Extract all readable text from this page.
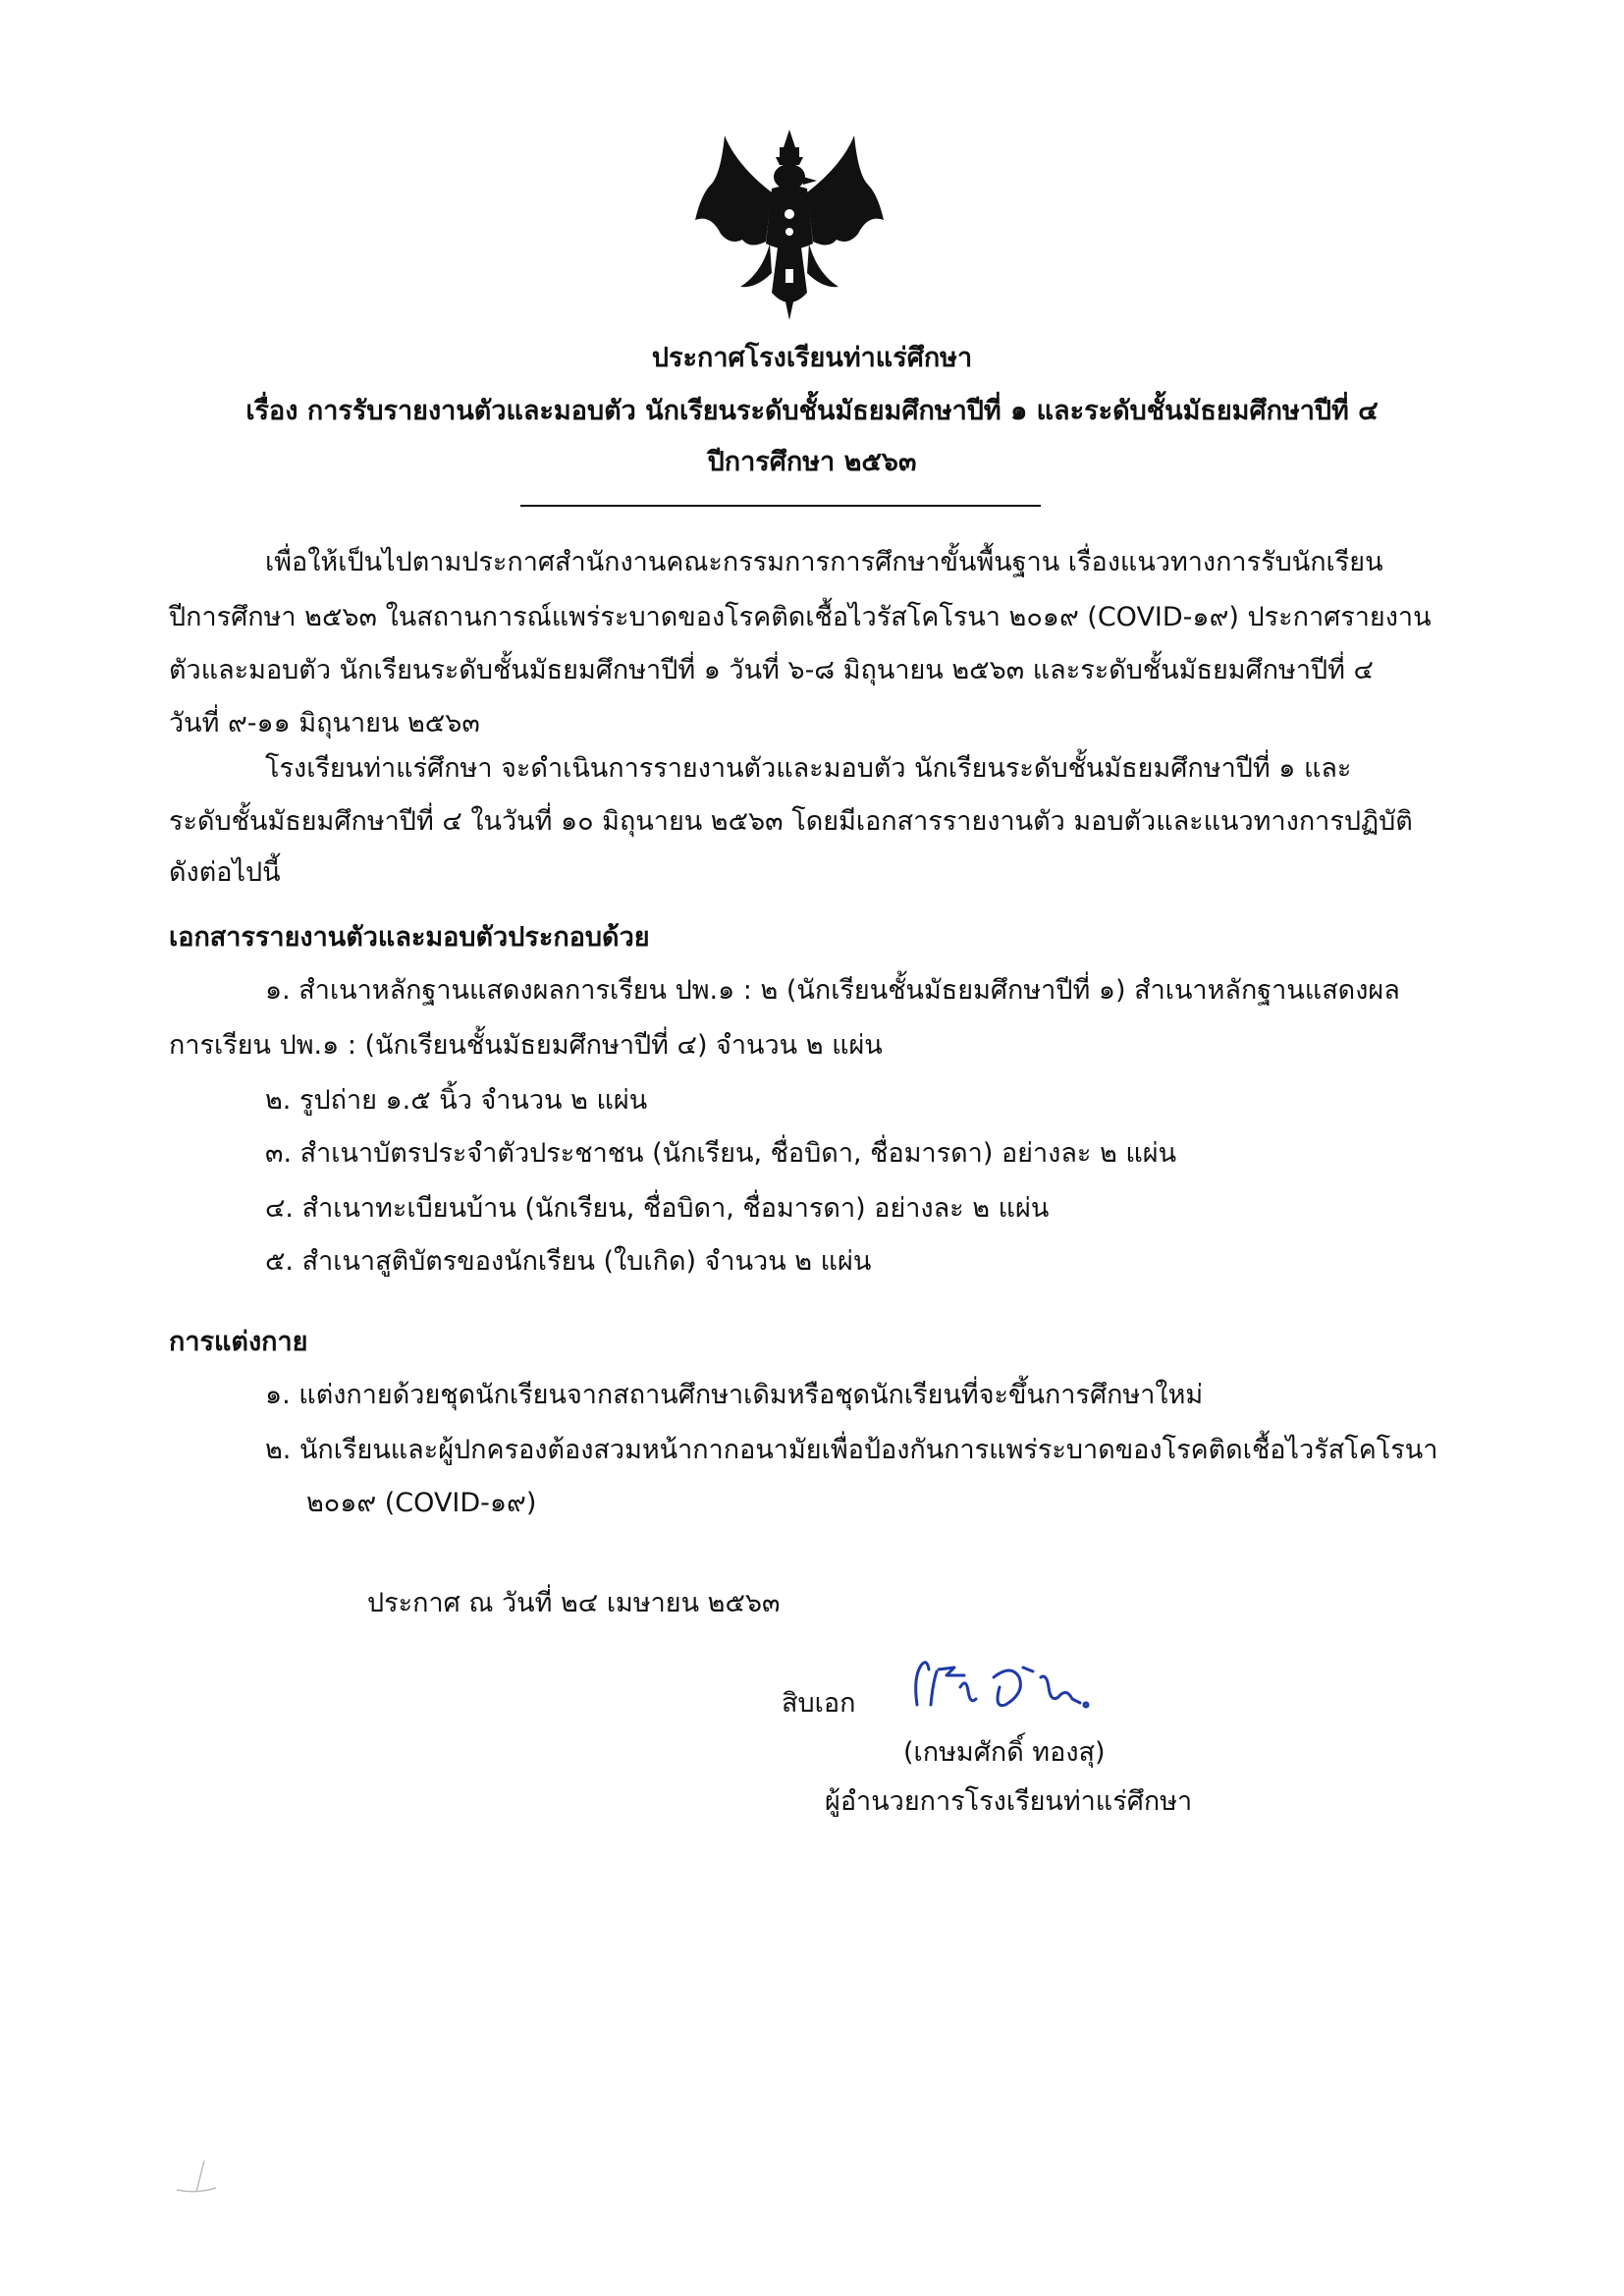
ประกาศโรงเรียนท่าแร่ศึกษา
เรื่อง การรับรายงานตัวและมอบตัว นักเรียนระดับชั้นมัธยมศึกษาปีที่ ๑ และระดับชั้นมัธยมศึกษาปีที่ ๔
ปีการศึกษา ๒๕๖๓
เพื่อให้เป็นไปตามประกาศสำนักงานคณะกรรมการการศึกษาขั้นพื้นฐาน เรื่องแนวทางการรับนักเรียน
ปีการศึกษา ๒๕๖๓ ในสถานการณ์แพร่ระบาดของโรคติดเชื้อไวรัสโคโรนา ๒๐๑๙ (COVID-๑๙) ประกาศรายงาน
ตัวและมอบตัว นักเรียนระดับชั้นมัธยมศึกษาปีที่ ๑ วันที่ ๖-๘ มิถุนายน ๒๕๖๓ และระดับชั้นมัธยมศึกษาปีที่ ๔
วันที่ ๙-๑๑ มิถุนายน ๒๕๖๓
โรงเรียนท่าแร่ศึกษา จะดำเนินการรายงานตัวและมอบตัว นักเรียนระดับชั้นมัธยมศึกษาปีที่ ๑ และ
ระดับชั้นมัธยมศึกษาปีที่ ๔ ในวันที่ ๑๐ มิถุนายน ๒๕๖๓ โดยมีเอกสารรายงานตัว มอบตัวและแนวทางการปฏิบัติ
ดังต่อไปนี้
เอกสารรายงานตัวและมอบตัวประกอบด้วย
๑. สำเนาหลักฐานแสดงผลการเรียน ปพ.๑ : ๒ (นักเรียนชั้นมัธยมศึกษาปีที่ ๑) สำเนาหลักฐานแสดงผล
การเรียน ปพ.๑ : (นักเรียนชั้นมัธยมศึกษาปีที่ ๔) จำนวน ๒ แผ่น
๒. รูปถ่าย ๑.๕ นิ้ว จำนวน ๒ แผ่น
๓. สำเนาบัตรประจำตัวประชาชน (นักเรียน, ชื่อบิดา, ชื่อมารดา) อย่างละ ๒ แผ่น
๔. สำเนาทะเบียนบ้าน (นักเรียน, ชื่อบิดา, ชื่อมารดา) อย่างละ ๒ แผ่น
๕. สำเนาสูติบัตรของนักเรียน (ใบเกิด) จำนวน ๒ แผ่น
การแต่งกาย
๑. แต่งกายด้วยชุดนักเรียนจากสถานศึกษาเดิมหรือชุดนักเรียนที่จะขึ้นการศึกษาใหม่
๒. นักเรียนและผู้ปกครองต้องสวมหน้ากากอนามัยเพื่อป้องกันการแพร่ระบาดของโรคติดเชื้อไวรัสโคโรนา
๒๐๑๙ (COVID-๑๙)
ประกาศ ณ วันที่ ๒๔ เมษายน ๒๕๖๓
สิบเอก
(เกษมศักดิ์ ทองสุ)
ผู้อำนวยการโรงเรียนท่าแร่ศึกษา
